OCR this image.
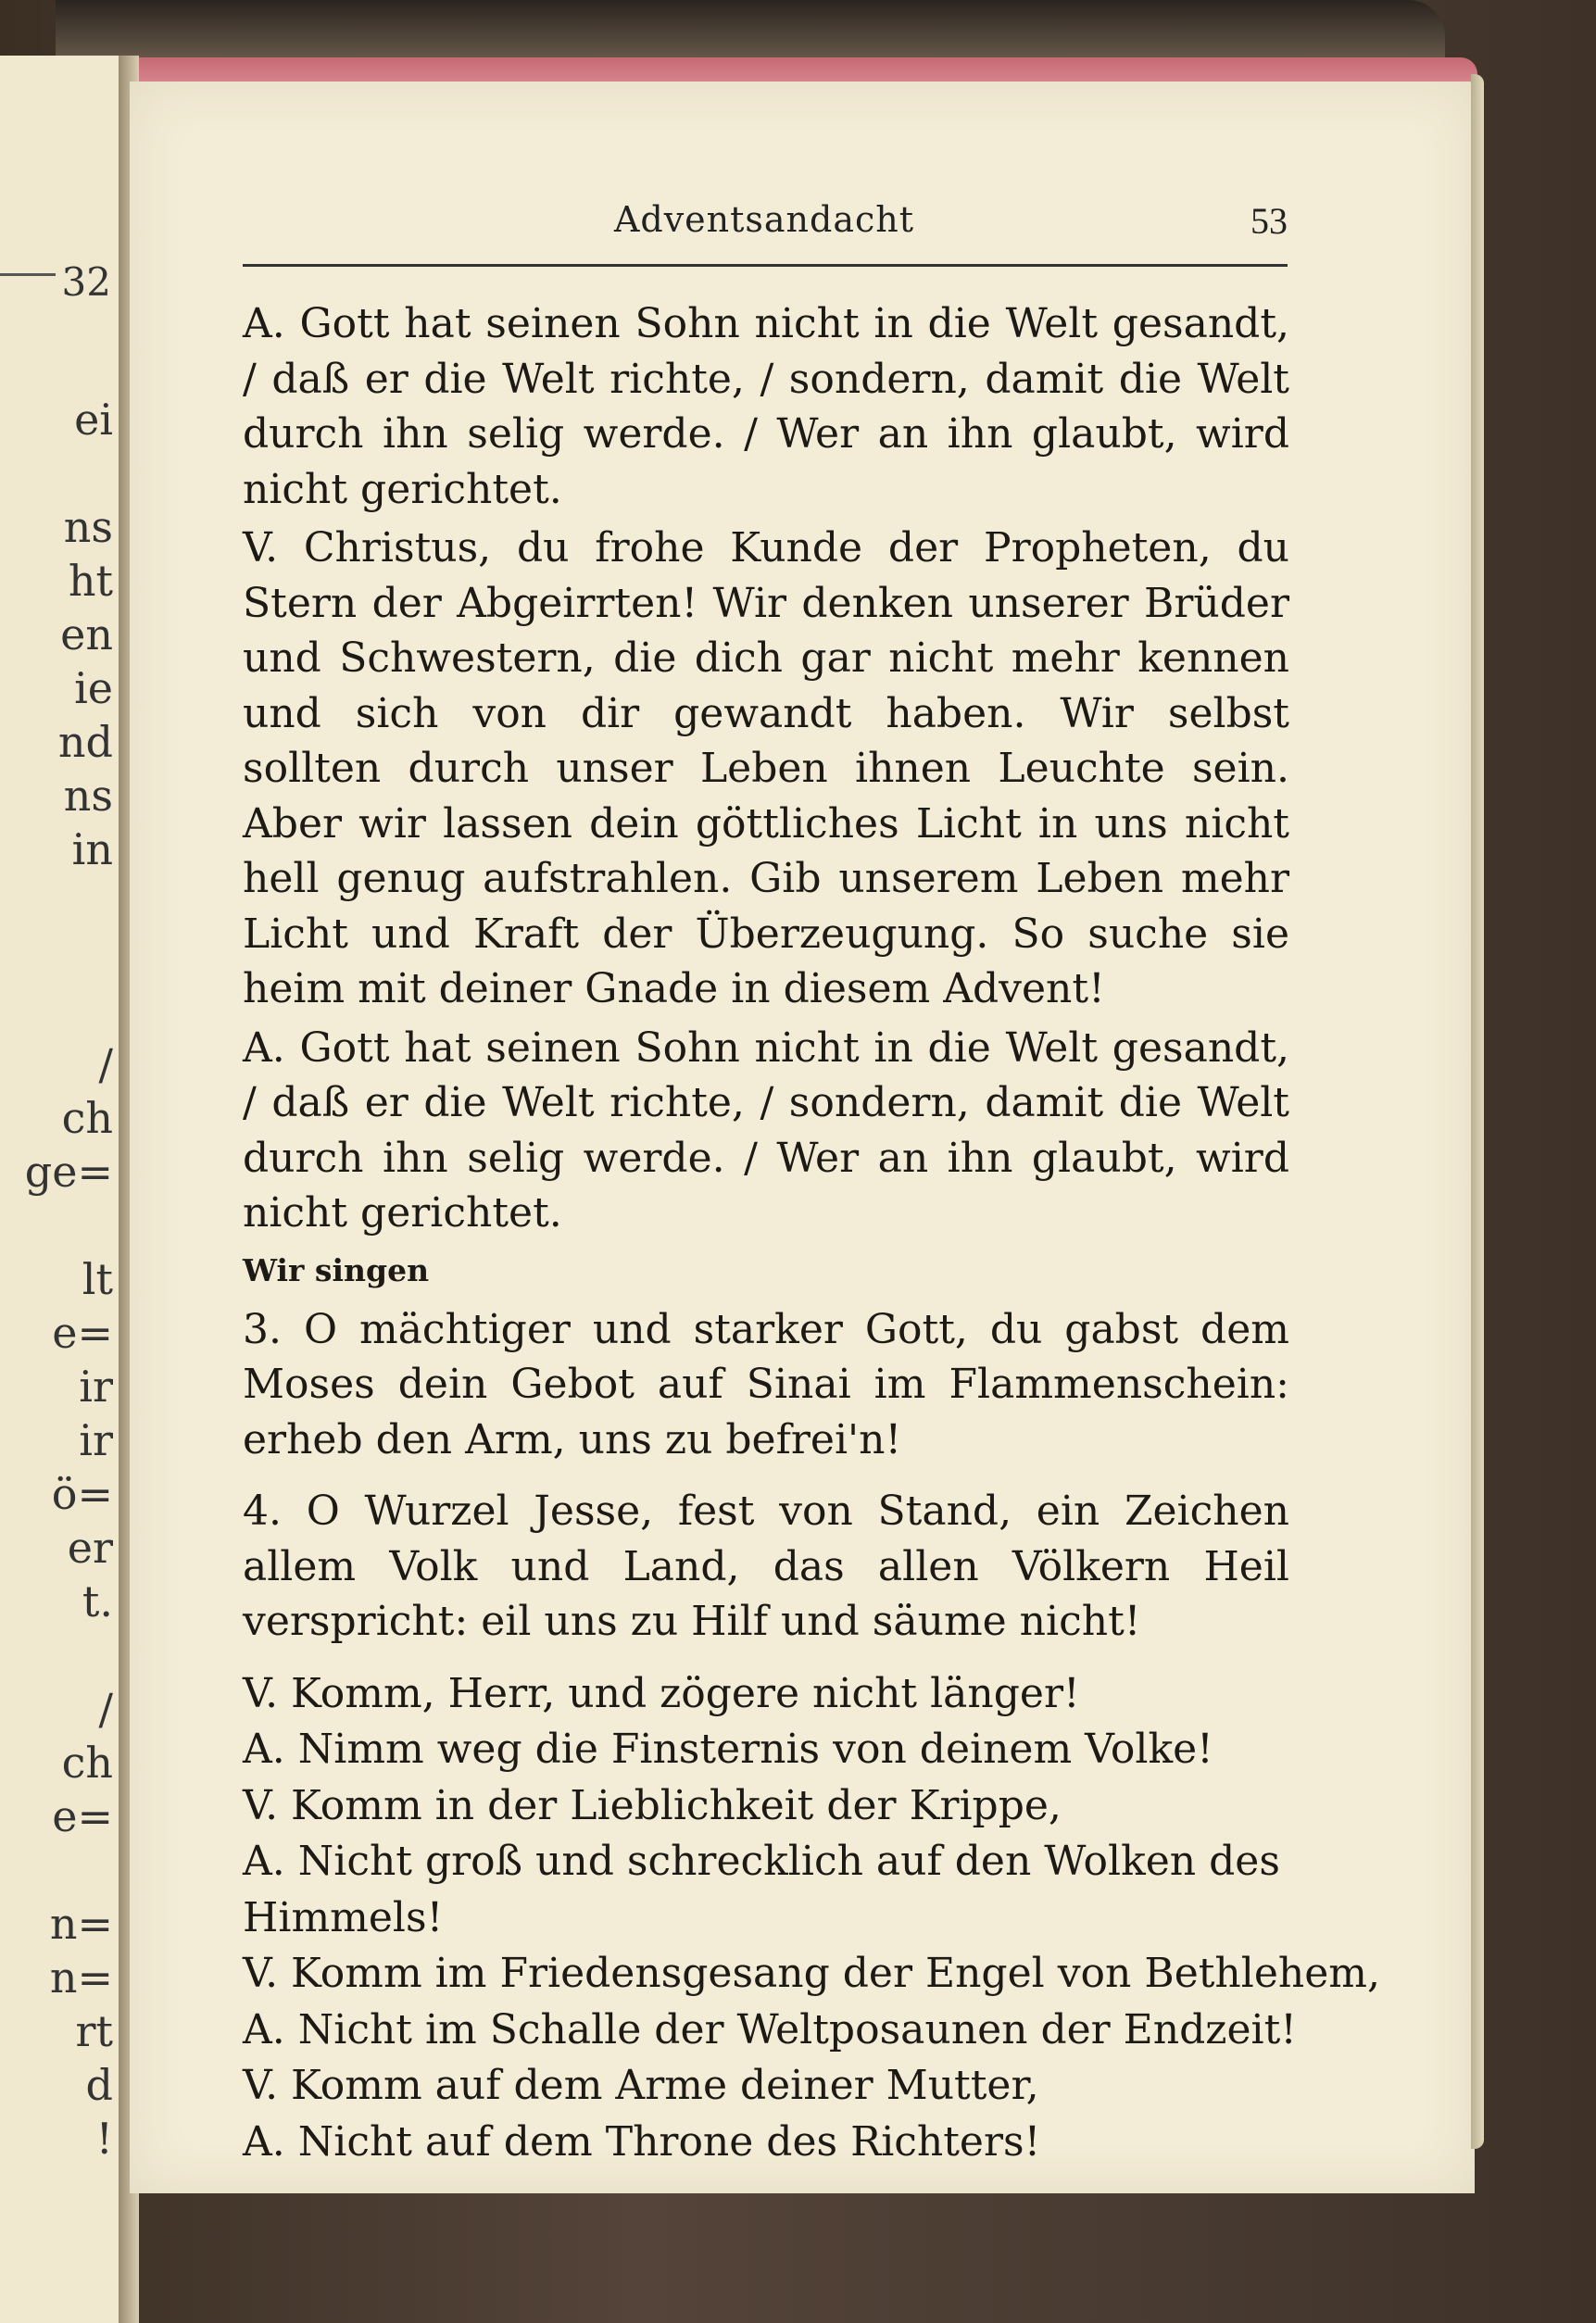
32
ei
ns
ht
en
ie
nd
ns
in
/
ch
ge=
lt
e=
ir
ir
ö=
er
t.
/
ch
e=
n=
n=
rt
d
!
Adventsandacht	53

A. Gott hat seinen Sohn nicht in die Welt gesandt, / daß er die Welt richte, / sondern, damit die Welt durch ihn selig werde. / Wer an ihn glaubt, wird nicht gerichtet.

V. Christus, du frohe Kunde der Propheten, du Stern der Abgeirrten! Wir denken unserer Brüder und Schwestern, die dich gar nicht mehr kennen und sich von dir gewandt haben. Wir selbst sollten durch unser Leben ihnen Leuchte sein. Aber wir lassen dein göttliches Licht in uns nicht hell genug aufstrahlen. Gib unserem Leben mehr Licht und Kraft der Überzeugung. So suche sie heim mit deiner Gnade in diesem Advent!

A. Gott hat seinen Sohn nicht in die Welt gesandt, / daß er die Welt richte, / sondern, damit die Welt durch ihn selig werde. / Wer an ihn glaubt, wird nicht gerichtet.

Wir singen

3. O mächtiger und starker Gott, du gabst dem Moses dein Gebot auf Sinai im Flammenschein: erheb den Arm, uns zu befrei'n!

4. O Wurzel Jesse, fest von Stand, ein Zeichen allem Volk und Land, das allen Völkern Heil verspricht: eil uns zu Hilf und säume nicht!

V. Komm, Herr, und zögere nicht länger!
A. Nimm weg die Finsternis von deinem Volke!
V. Komm in der Lieblichkeit der Krippe,
A. Nicht groß und schrecklich auf den Wolken des
Himmels!
V. Komm im Friedensgesang der Engel von Bethlehem,
A. Nicht im Schalle der Weltposaunen der Endzeit!
V. Komm auf dem Arme deiner Mutter,
A. Nicht auf dem Throne des Richters!
